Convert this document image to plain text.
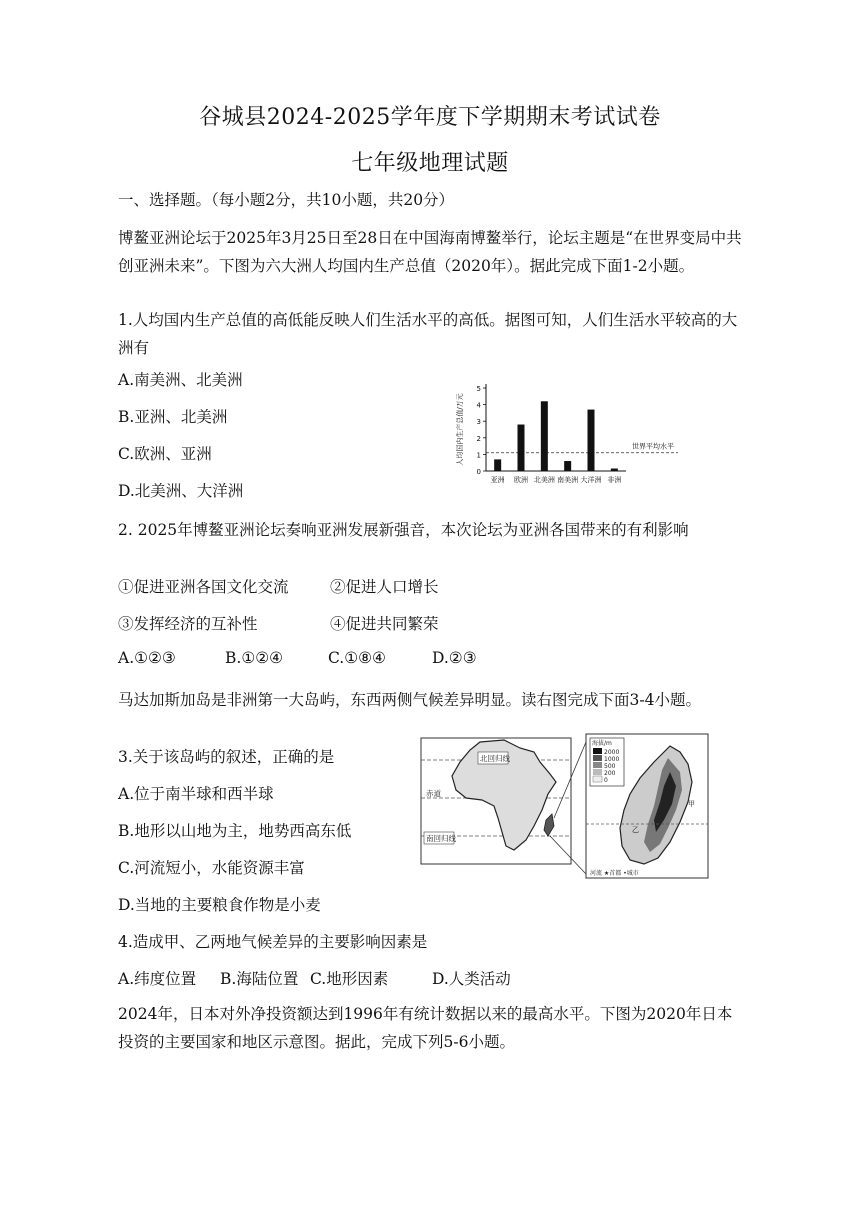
谷城县2024-2025学年度下学期期末考试试卷
七年级地理试题
一、选择题。（每小题2分，共10小题，共20分）
博鳌亚洲论坛于2025年3月25日至28日在中国海南博鳌举行，论坛主题是“在世界变局中共创亚洲未来”。下图为六大洲人均国内生产总值（2020年）。据此完成下面1-2小题。
1.人均国内生产总值的高低能反映人们生活水平的高低。据图可知，人们生活水平较高的大洲有
A.南美洲、北美洲
B.亚洲、北美洲
C.欧洲、亚洲
D.北美洲、大洋洲
0
1
2
3
4
5
人均国内生产总值/万元	世界平均水平
亚洲 欧洲 北美洲 南美洲 大洋洲 非洲
2. 2025年博鳌亚洲论坛奏响亚洲发展新强音，本次论坛为亚洲各国带来的有利影响
①促进亚洲各国文化交流	②促进人口增长
③发挥经济的互补性	④促进共同繁荣
A.①②③	B.①②④	C.①⑧④	D.②③
马达加斯加岛是非洲第一大岛屿，东西两侧气候差异明显。读右图完成下面3-4小题。
3.关于该岛屿的叙述，正确的是
A.位于南半球和西半球
B.地形以山地为主，地势西高东低
C.河流短小，水能资源丰富
D.当地的主要粮食作物是小麦
北回归线
赤道
南回归线
海拔/m
2000
1000
500
200
0
甲
乙
河流 ★首都 •城市
4.造成甲、乙两地气候差异的主要影响因素是
A.纬度位置 B.海陆位置 C.地形因素	D.人类活动
2024年，日本对外净投资额达到1996年有统计数据以来的最高水平。下图为2020年日本投资的主要国家和地区示意图。据此，完成下列5-6小题。
